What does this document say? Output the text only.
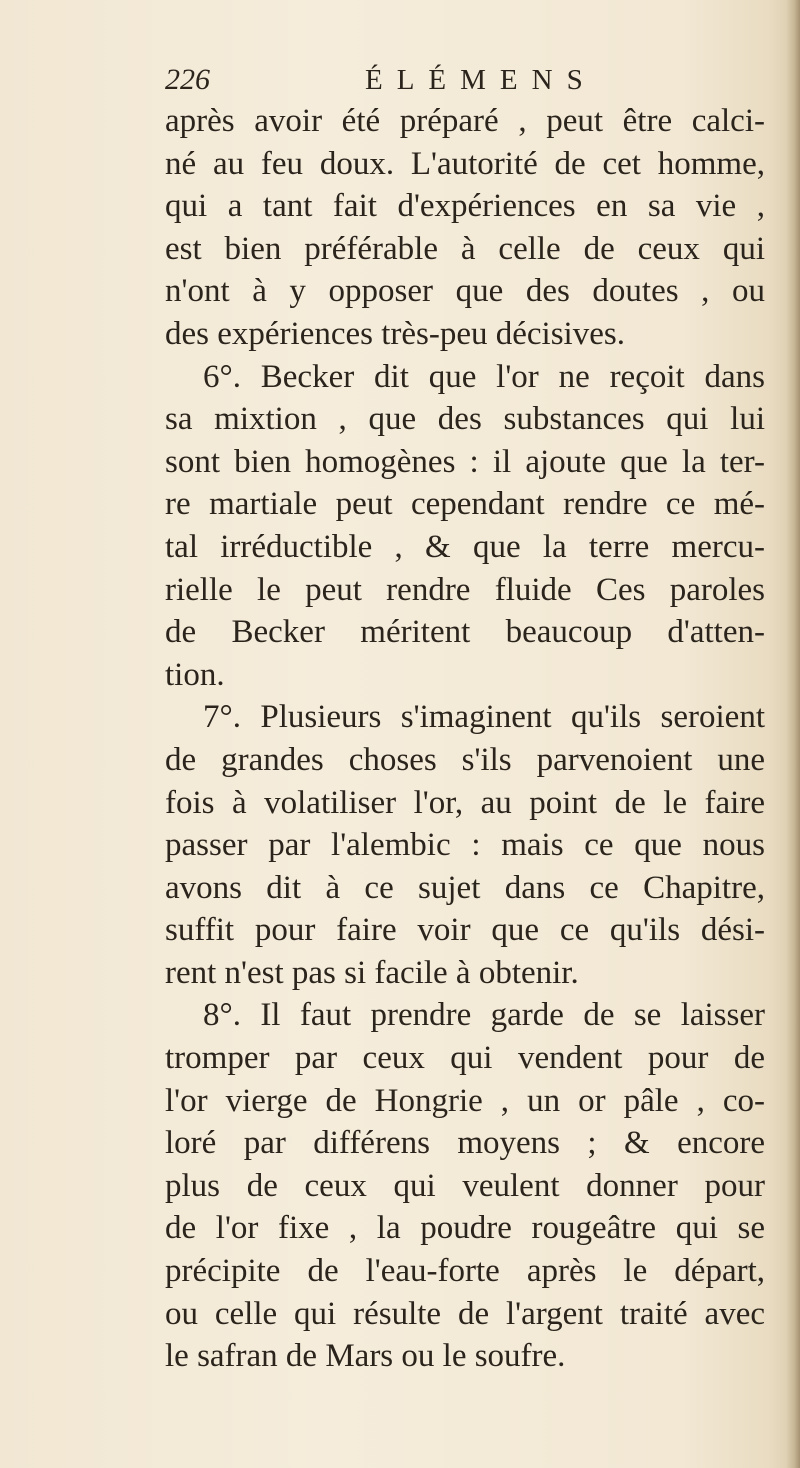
226	ÉLÉMENS
après avoir été préparé , peut être calci-
né au feu doux. L'autorité de cet homme,
qui a tant fait d'expériences en sa vie ,
est bien préférable à celle de ceux qui
n'ont à y opposer que des doutes , ou
des expériences très-peu décisives.
6°. Becker dit que l'or ne reçoit dans
sa mixtion , que des substances qui lui
sont bien homogènes : il ajoute que la ter-
re martiale peut cependant rendre ce mé-
tal irréductible , & que la terre mercu-
rielle le peut rendre fluide Ces paroles
de Becker méritent beaucoup d'atten-
tion.
7°. Plusieurs s'imaginent qu'ils seroient
de grandes choses s'ils parvenoient une
fois à volatiliser l'or, au point de le faire
passer par l'alembic : mais ce que nous
avons dit à ce sujet dans ce Chapitre,
suffit pour faire voir que ce qu'ils dési-
rent n'est pas si facile à obtenir.
8°. Il faut prendre garde de se laisser
tromper par ceux qui vendent pour de
l'or vierge de Hongrie , un or pâle , co-
loré par différens moyens ; & encore
plus de ceux qui veulent donner pour
de l'or fixe , la poudre rougeâtre qui se
précipite de l'eau-forte après le départ,
ou celle qui résulte de l'argent traité avec
le safran de Mars ou le soufre.
